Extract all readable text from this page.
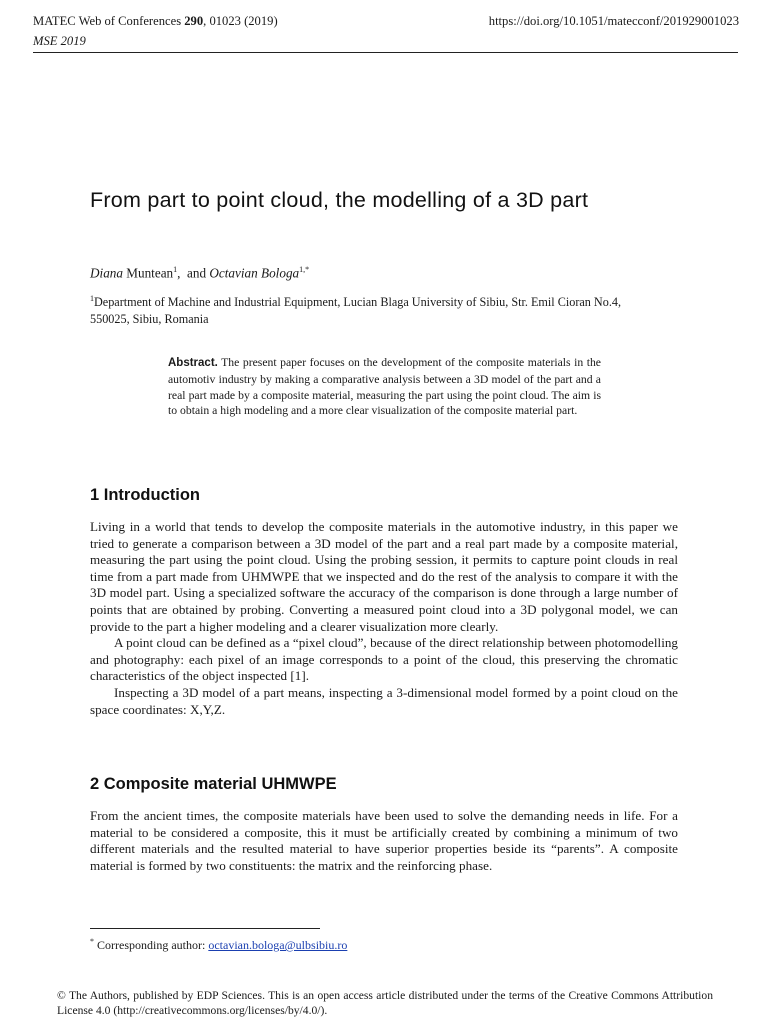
MATEC Web of Conferences 290, 01023 (2019)	https://doi.org/10.1051/matecconf/201929001023
MSE 2019
From part to point cloud, the modelling of a 3D part
Diana Muntean$^1$,  and Octavian Bologa$^{1,*}$
$^1$Department of Machine and Industrial Equipment, Lucian Blaga University of Sibiu, Str. Emil Cioran No.4, 550025, Sibiu, Romania
Abstract. The present paper focuses on the development of the composite materials in the automotiv industry by making a comparative analysis between a 3D model of the part and a real part made by a composite material, measuring the part using the point cloud. The aim is to obtain a high modeling and a more clear visualization of the composite material part.
1 Introduction

Living in a world that tends to develop the composite materials in the automotive industry, in this paper we tried to generate a comparison between a 3D model of the part and a real part made by a composite material, measuring the part using the point cloud. Using the probing session, it permits to capture point clouds in real time from a part made from UHMWPE that we inspected and do the rest of the analysis to compare it with the 3D model part. Using a specialized software the accuracy of the comparison is done through a large number of points that are obtained by probing. Converting a measured point cloud into a 3D polygonal model, we can provide to the part a higher modeling and a clearer visualization more clearly.

A point cloud can be defined as a “pixel cloud”, because of the direct relationship between photomodelling and photography: each pixel of an image corresponds to a point of the cloud, this preserving the chromatic characteristics of the object inspected [1].

Inspecting a 3D model of a part means, inspecting a 3-dimensional model formed by a point cloud on the space coordinates: X,Y,Z.

2 Composite material UHMWPE

From the ancient times, the composite materials have been used to solve the demanding needs in life. For a material to be considered a composite, this it must be artificially created by combining a minimum of two different materials and the resulted material to have superior properties beside its “parents”. A composite material is formed by two constituents: the matrix and the reinforcing phase.

* Corresponding author: octavian.bologa@ulbsibiu.ro
© The Authors, published by EDP Sciences. This is an open access article distributed under the terms of the Creative Commons Attribution License 4.0 (http://creativecommons.org/licenses/by/4.0/).
